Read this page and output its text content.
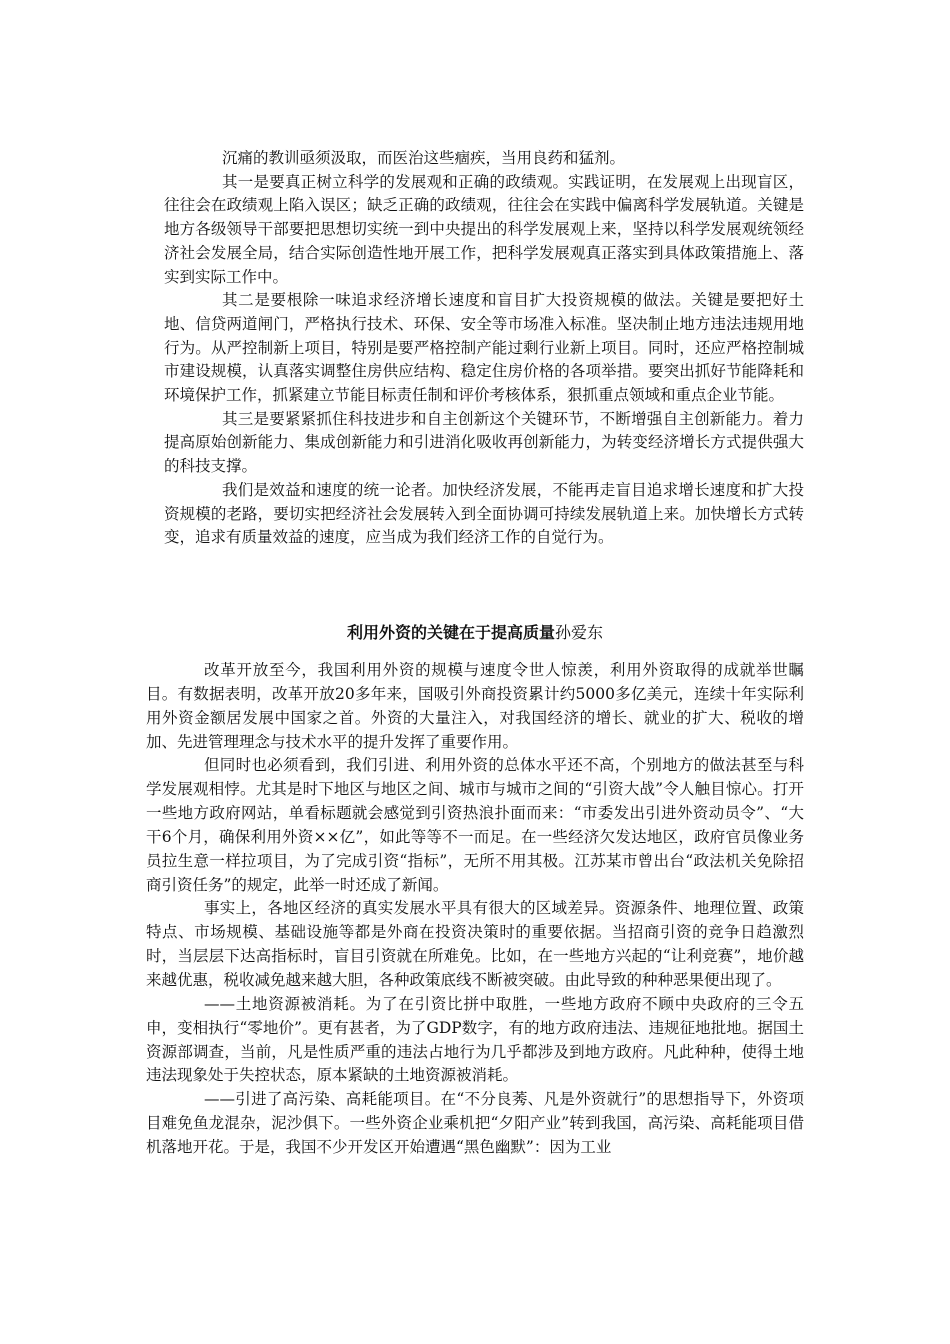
沉痛的教训亟须汲取，而医治这些痼疾，当用良药和猛剂。

其一是要真正树立科学的发展观和正确的政绩观。实践证明，在发展观上出现盲区，往往会在政绩观上陷入误区；缺乏正确的政绩观，往往会在实践中偏离科学发展轨道。关键是地方各级领导干部要把思想切实统一到中央提出的科学发展观上来，坚持以科学发展观统领经济社会发展全局，结合实际创造性地开展工作，把科学发展观真正落实到具体政策措施上、落实到实际工作中。

其二是要根除一味追求经济增长速度和盲目扩大投资规模的做法。关键是要把好土地、信贷两道闸门，严格执行技术、环保、安全等市场准入标准。坚决制止地方违法违规用地行为。从严控制新上项目，特别是要严格控制产能过剩行业新上项目。同时，还应严格控制城市建设规模，认真落实调整住房供应结构、稳定住房价格的各项举措。要突出抓好节能降耗和环境保护工作，抓紧建立节能目标责任制和评价考核体系，狠抓重点领域和重点企业节能。

其三是要紧紧抓住科技进步和自主创新这个关键环节，不断增强自主创新能力。着力提高原始创新能力、集成创新能力和引进消化吸收再创新能力，为转变经济增长方式提供强大的科技支撑。

我们是效益和速度的统一论者。加快经济发展，不能再走盲目追求增长速度和扩大投资规模的老路，要切实把经济社会发展转入到全面协调可持续发展轨道上来。加快增长方式转变，追求有质量效益的速度，应当成为我们经济工作的自觉行为。

利用外资的关键在于提高质量孙爱东

改革开放至今，我国利用外资的规模与速度令世人惊羡，利用外资取得的成就举世瞩目。有数据表明，改革开放20多年来，国吸引外商投资累计约5000多亿美元，连续十年实际利用外资金额居发展中国家之首。外资的大量注入，对我国经济的增长、就业的扩大、税收的增加、先进管理理念与技术水平的提升发挥了重要作用。

但同时也必须看到，我们引进、利用外资的总体水平还不高，个别地方的做法甚至与科学发展观相悖。尤其是时下地区与地区之间、城市与城市之间的“引资大战”令人触目惊心。打开一些地方政府网站，单看标题就会感觉到引资热浪扑面而来：“市委发出引进外资动员令”、“大干6个月，确保利用外资××亿”，如此等等不一而足。在一些经济欠发达地区，政府官员像业务员拉生意一样拉项目，为了完成引资“指标”，无所不用其极。江苏某市曾出台“政法机关免除招商引资任务”的规定，此举一时还成了新闻。

事实上，各地区经济的真实发展水平具有很大的区域差异。资源条件、地理位置、政策特点、市场规模、基础设施等都是外商在投资决策时的重要依据。当招商引资的竞争日趋激烈时，当层层下达高指标时，盲目引资就在所难免。比如，在一些地方兴起的“让利竞赛”，地价越来越优惠，税收减免越来越大胆，各种政策底线不断被突破。由此导致的种种恶果便出现了。

——土地资源被消耗。为了在引资比拼中取胜，一些地方政府不顾中央政府的三令五申，变相执行“零地价”。更有甚者，为了GDP数字，有的地方政府违法、违规征地批地。据国土资源部调查，当前，凡是性质严重的违法占地行为几乎都涉及到地方政府。凡此种种，使得土地违法现象处于失控状态，原本紧缺的土地资源被消耗。

——引进了高污染、高耗能项目。在“不分良莠、凡是外资就行”的思想指导下，外资项目难免鱼龙混杂，泥沙俱下。一些外资企业乘机把“夕阳产业”转到我国，高污染、高耗能项目借机落地开花。于是，我国不少开发区开始遭遇“黑色幽默”：因为工业
